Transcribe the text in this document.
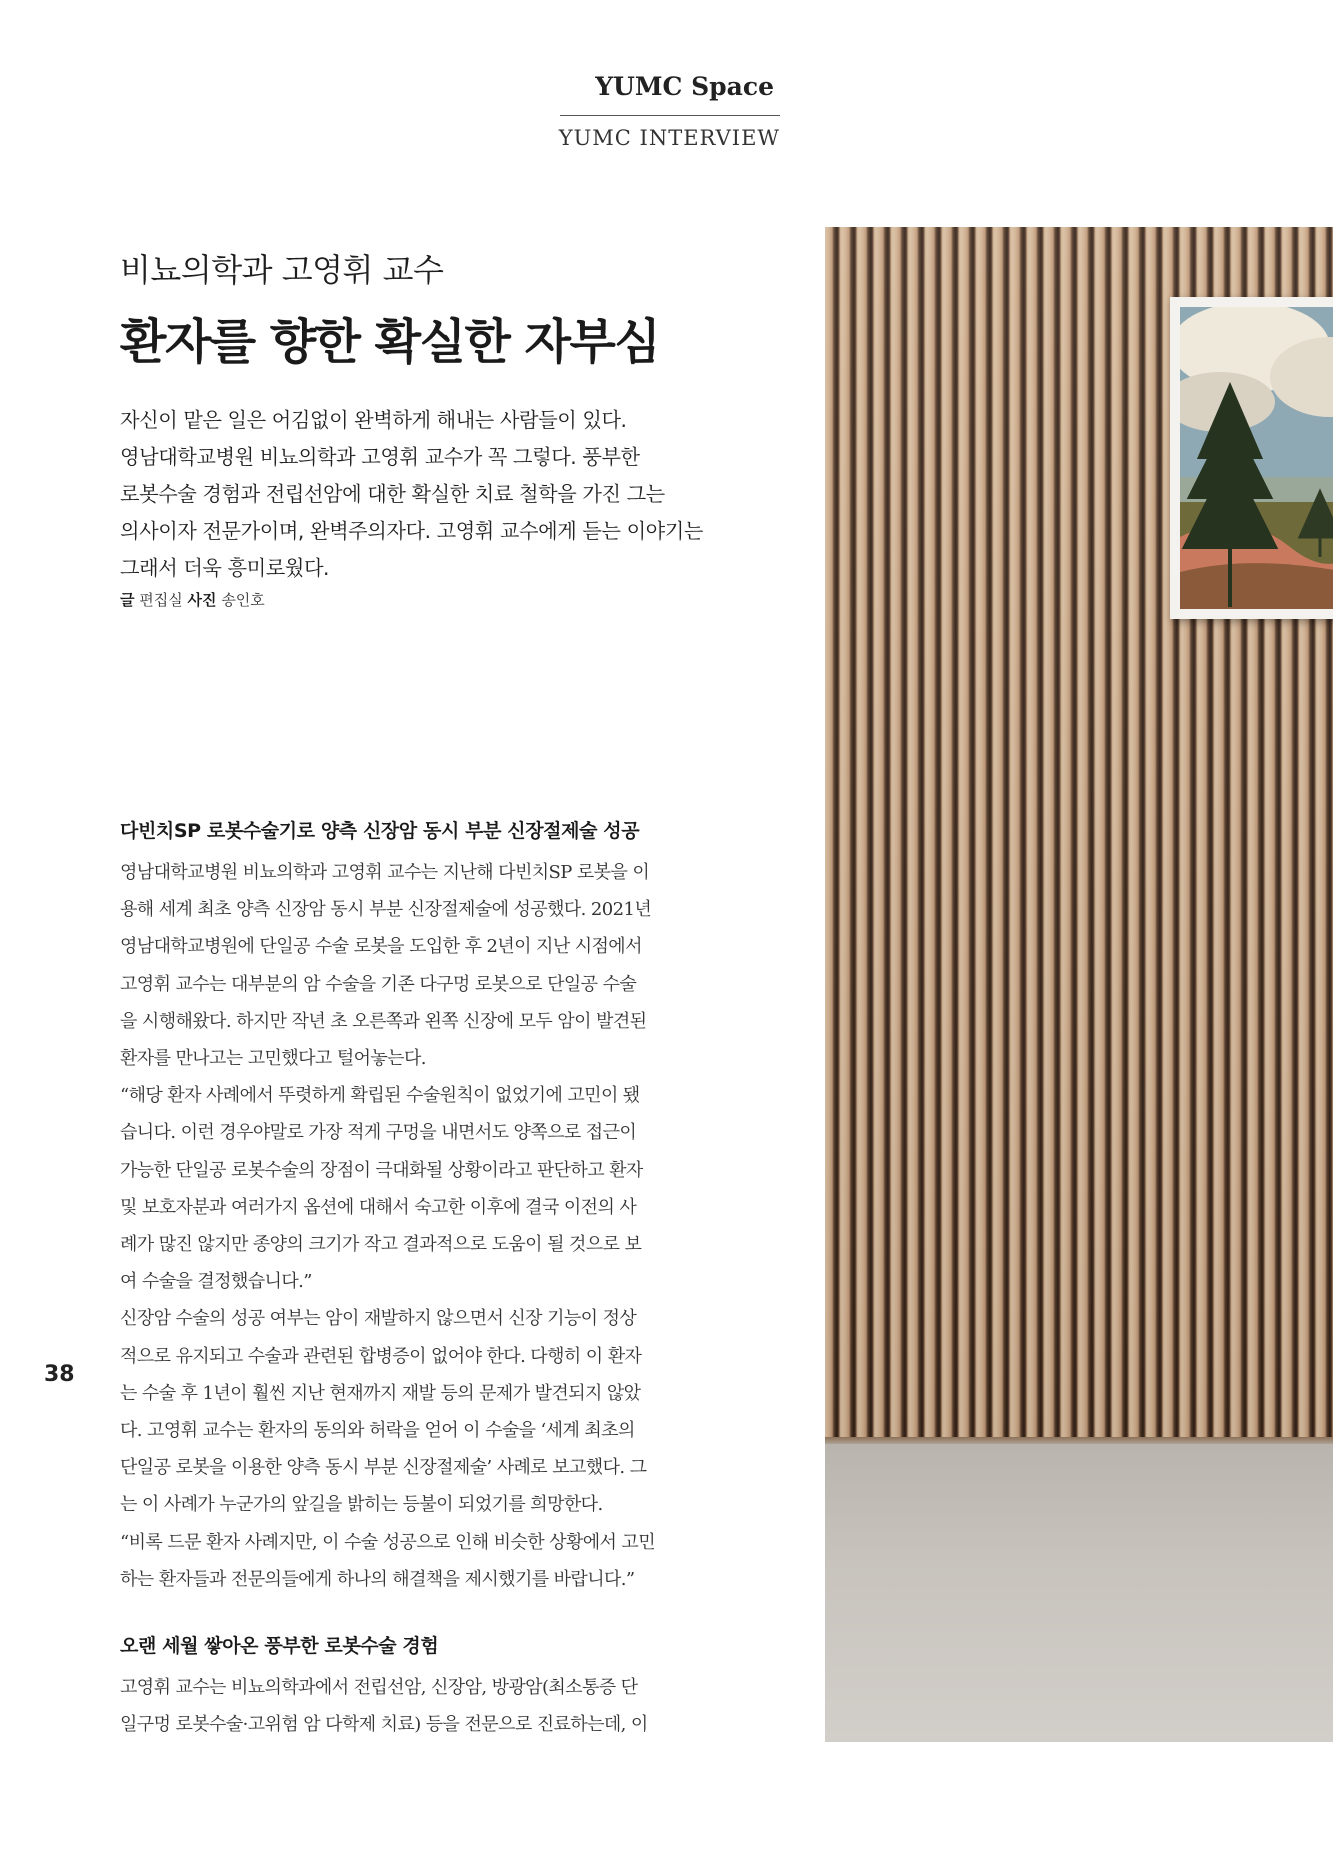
YUMC Space
YUMC INTERVIEW
비뇨의학과 고영휘 교수
환자를 향한 확실한 자부심

자신이 맡은 일은 어김없이 완벽하게 해내는 사람들이 있다.

영남대학교병원 비뇨의학과 고영휘 교수가 꼭 그렇다. 풍부한

로봇수술 경험과 전립선암에 대한 확실한 치료 철학을 가진 그는

의사이자 전문가이며, 완벽주의자다. 고영휘 교수에게 듣는 이야기는

그래서 더욱 흥미로웠다.

글 편집실 사진 송인호
다빈치SP 로봇수술기로 양측 신장암 동시 부분 신장절제술 성공
영남대학교병원 비뇨의학과 고영휘 교수는 지난해 다빈치SP 로봇을 이
용해 세계 최초 양측 신장암 동시 부분 신장절제술에 성공했다. 2021년
영남대학교병원에 단일공 수술 로봇을 도입한 후 2년이 지난 시점에서
고영휘 교수는 대부분의 암 수술을 기존 다구멍 로봇으로 단일공 수술
을 시행해왔다. 하지만 작년 초 오른쪽과 왼쪽 신장에 모두 암이 발견된
환자를 만나고는 고민했다고 털어놓는다.
“해당 환자 사례에서 뚜렷하게 확립된 수술원칙이 없었기에 고민이 됐
습니다. 이런 경우야말로 가장 적게 구멍을 내면서도 양쪽으로 접근이
가능한 단일공 로봇수술의 장점이 극대화될 상황이라고 판단하고 환자
및 보호자분과 여러가지 옵션에 대해서 숙고한 이후에 결국 이전의 사
례가 많진 않지만 종양의 크기가 작고 결과적으로 도움이 될 것으로 보
여 수술을 결정했습니다.”
신장암 수술의 성공 여부는 암이 재발하지 않으면서 신장 기능이 정상
적으로 유지되고 수술과 관련된 합병증이 없어야 한다. 다행히 이 환자
는 수술 후 1년이 훨씬 지난 현재까지 재발 등의 문제가 발견되지 않았
다. 고영휘 교수는 환자의 동의와 허락을 얻어 이 수술을 ‘세계 최초의
단일공 로봇을 이용한 양측 동시 부분 신장절제술’ 사례로 보고했다. 그
는 이 사례가 누군가의 앞길을 밝히는 등불이 되었기를 희망한다.
“비록 드문 환자 사례지만, 이 수술 성공으로 인해 비슷한 상황에서 고민
하는 환자들과 전문의들에게 하나의 해결책을 제시했기를 바랍니다.”
오랜 세월 쌓아온 풍부한 로봇수술 경험
고영휘 교수는 비뇨의학과에서 전립선암, 신장암, 방광암(최소통증 단
일구멍 로봇수술·고위험 암 다학제 치료) 등을 전문으로 진료하는데, 이
38
